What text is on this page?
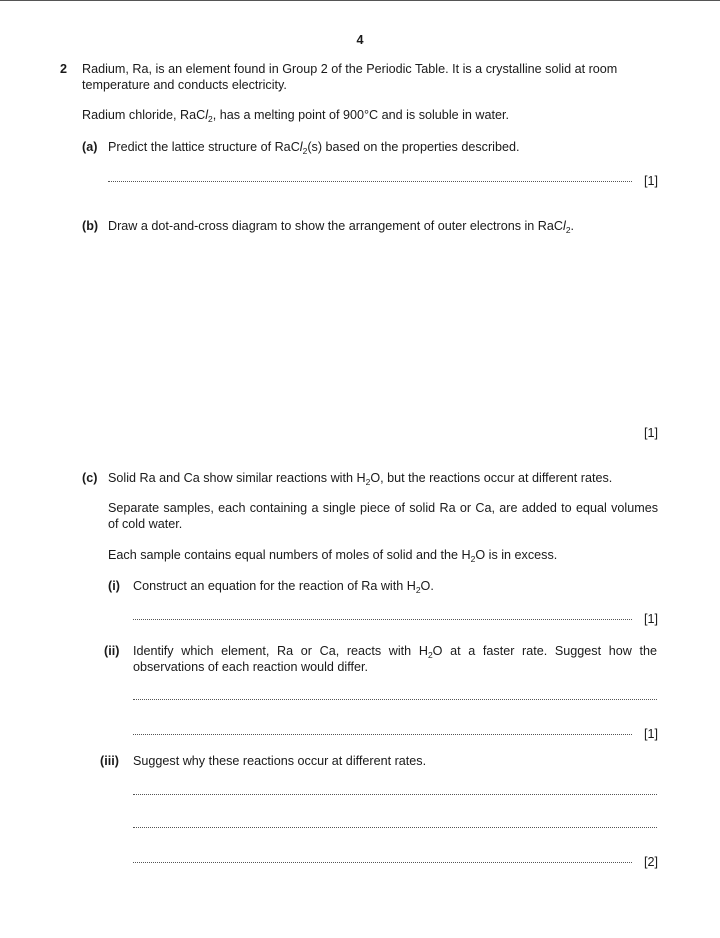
4
2 Radium, Ra, is an element found in Group 2 of the Periodic Table. It is a crystalline solid at room
temperature and conducts electricity.
Radium chloride, RaCl$_2$, has a melting point of 900°C and is soluble in water.
(a) Predict the lattice structure of RaCl$_2$(s) based on the properties described.
[1]
(b) Draw a dot-and-cross diagram to show the arrangement of outer electrons in RaCl$_2$.
[1]
(c) Solid Ra and Ca show similar reactions with $H_2O$, but the reactions occur at different rates.
Separate samples, each containing a single piece of solid Ra or Ca, are added to equal volumes of cold water.
Each sample contains equal numbers of moles of solid and the $H_2O$ is in excess.
(i) Construct an equation for the reaction of Ra with $H_2O$.
[1]
(ii) Identify which element, Ra or Ca, reacts with $H_2O$ at a faster rate. Suggest how the observations of each reaction would differ.
[1]
(iii) Suggest why these reactions occur at different rates.
[2]
